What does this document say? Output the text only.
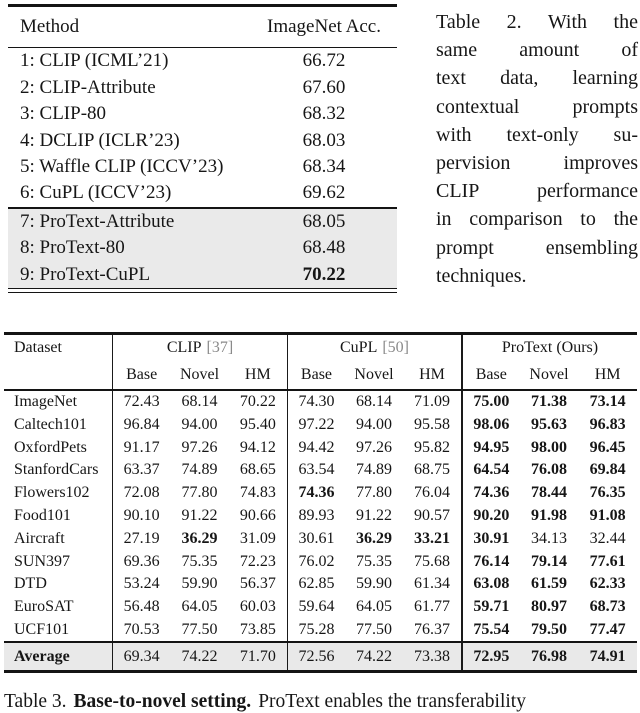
Method	ImageNet Acc.
1: CLIP (ICML’21)	66.72
2: CLIP-Attribute	67.60
3: CLIP-80	68.32
4: DCLIP (ICLR’23)	68.03
5: Waffle CLIP (ICCV’23)	68.34
6: CuPL (ICCV’23)	69.62
7: ProText-Attribute	68.05
8: ProText-80	68.48
9: ProText-CuPL	70.22
Table 2. With the
same amount of
text data, learning
contextual prompts
with text-only su-
pervision improves
CLIP performance
in comparison to the
prompt ensembling
techniques.
Dataset	CLIP [37]	CuPL [50]	ProText (Ours)
Base	Novel	HM	Base	Novel	HM	Base	Novel	HM
ImageNet	72.43	68.14	70.22	74.30	68.14	71.09	75.00	71.38	73.14
Caltech101	96.84	94.00	95.40	97.22	94.00	95.58	98.06	95.63	96.83
OxfordPets	91.17	97.26	94.12	94.42	97.26	95.82	94.95	98.00	96.45
StanfordCars	63.37	74.89	68.65	63.54	74.89	68.75	64.54	76.08	69.84
Flowers102	72.08	77.80	74.83	74.36	77.80	76.04	74.36	78.44	76.35
Food101	90.10	91.22	90.66	89.93	91.22	90.57	90.20	91.98	91.08
Aircraft	27.19	36.29	31.09	30.61	36.29	33.21	30.91	34.13	32.44
SUN397	69.36	75.35	72.23	76.02	75.35	75.68	76.14	79.14	77.61
DTD	53.24	59.90	56.37	62.85	59.90	61.34	63.08	61.59	62.33
EuroSAT	56.48	64.05	60.03	59.64	64.05	61.77	59.71	80.97	68.73
UCF101	70.53	77.50	73.85	75.28	77.50	76.37	75.54	79.50	77.47
Average	69.34	74.22	71.70	72.56	74.22	73.38	72.95	76.98	74.91
Table 3. Base-to-novel setting. ProText enables the transferability
